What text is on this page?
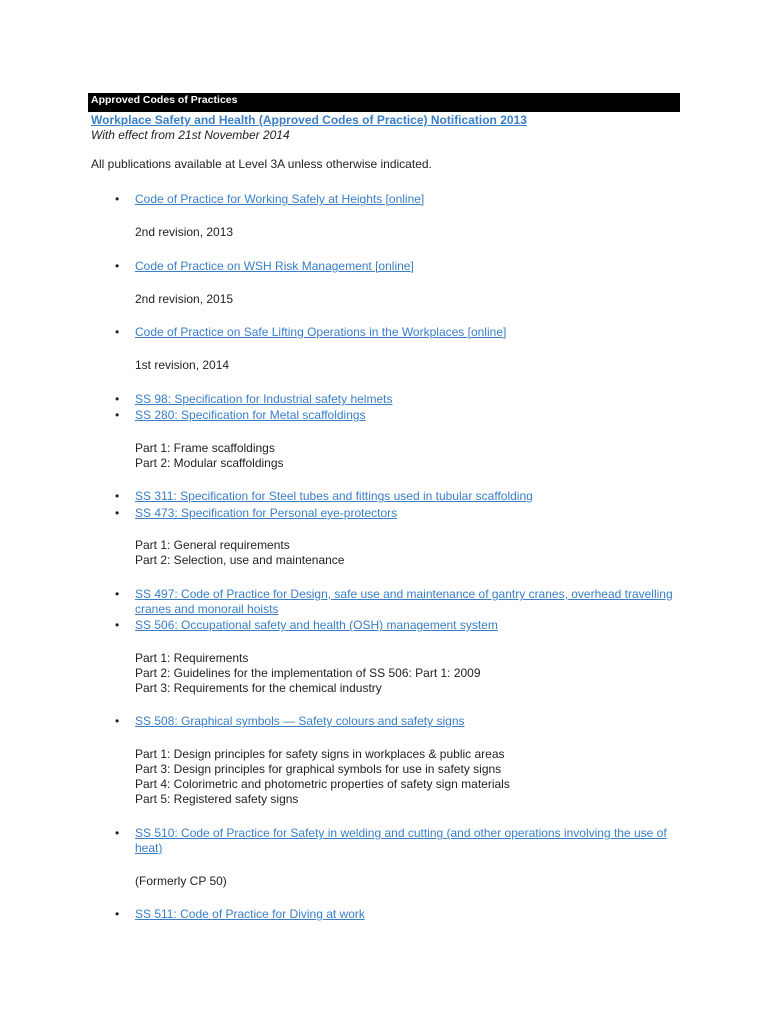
Approved Codes of Practices
Workplace Safety and Health (Approved Codes of Practice) Notification 2013
With effect from 21st November 2014
All publications available at Level 3A unless otherwise indicated.
• Code of Practice for Working Safely at Heights [online]
2nd revision, 2013
• Code of Practice on WSH Risk Management [online]
2nd revision, 2015
• Code of Practice on Safe Lifting Operations in the Workplaces [online]
1st revision, 2014
• SS 98: Specification for Industrial safety helmets
• SS 280: Specification for Metal scaffoldings
Part 1: Frame scaffoldings
Part 2: Modular scaffoldings
• SS 311: Specification for Steel tubes and fittings used in tubular scaffolding
• SS 473: Specification for Personal eye-protectors
Part 1: General requirements
Part 2: Selection, use and maintenance
• SS 497: Code of Practice for Design, safe use and maintenance of gantry cranes, overhead travelling cranes and monorail hoists
• SS 506: Occupational safety and health (OSH) management system
Part 1: Requirements
Part 2: Guidelines for the implementation of SS 506: Part 1: 2009
Part 3: Requirements for the chemical industry
• SS 508: Graphical symbols — Safety colours and safety signs
Part 1: Design principles for safety signs in workplaces & public areas
Part 3: Design principles for graphical symbols for use in safety signs
Part 4: Colorimetric and photometric properties of safety sign materials
Part 5: Registered safety signs
• SS 510: Code of Practice for Safety in welding and cutting (and other operations involving the use of heat)
(Formerly CP 50)
• SS 511: Code of Practice for Diving at work
